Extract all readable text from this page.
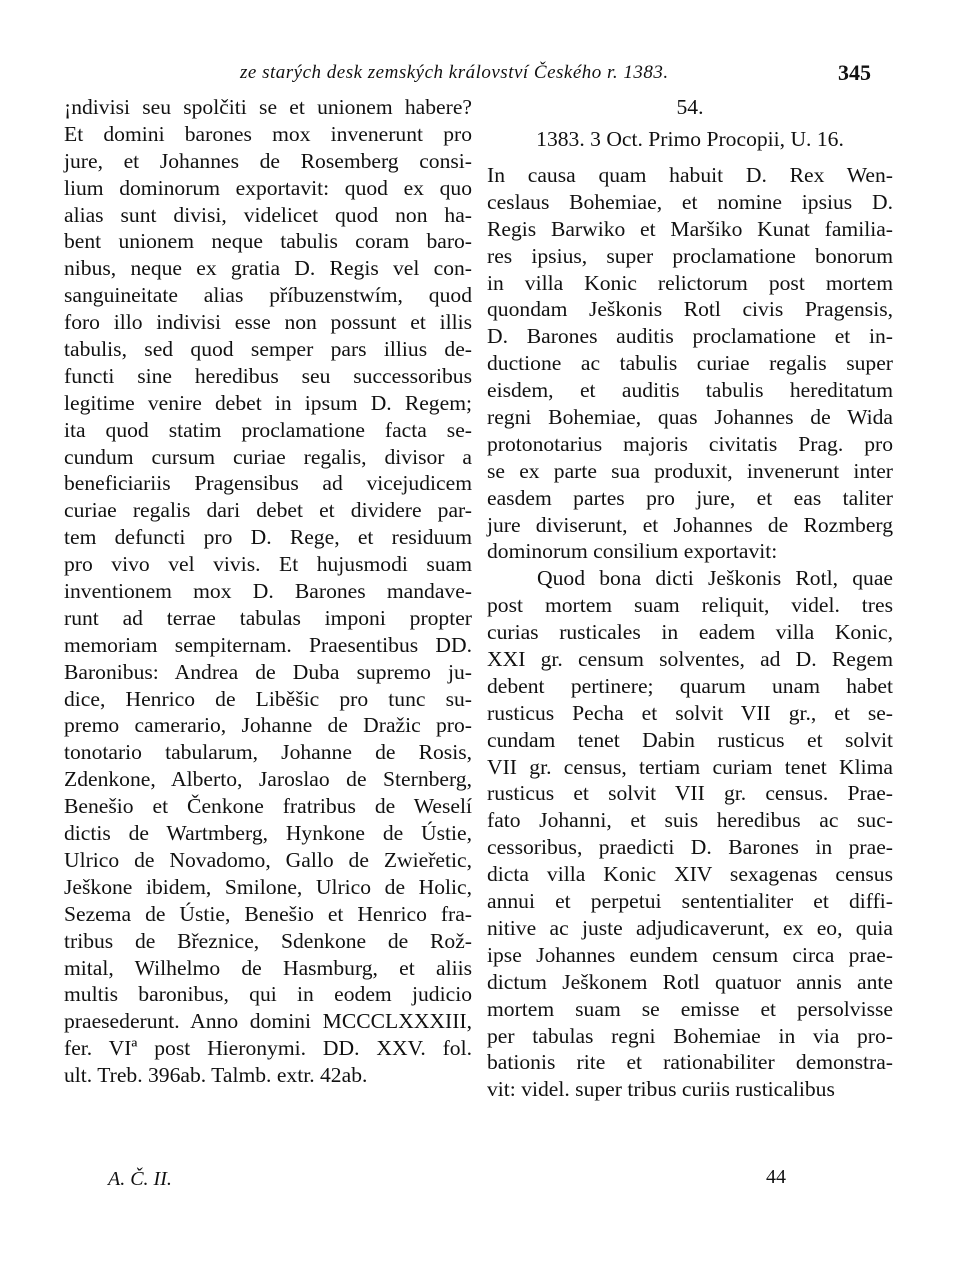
ze starých desk zemských království Českého r. 1383.	345
¡ndivisi seu spolčiti se et unionem habere?
Et domini barones mox invenerunt pro
jure, et Johannes de Rosemberg consi-
lium dominorum exportavit: quod ex quo
alias sunt divisi, videlicet quod non ha-
bent unionem neque tabulis coram baro-
nibus, neque ex gratia D. Regis vel con-
sanguineitate alias příbuzenstwím, quod
foro illo indivisi esse non possunt et illis
tabulis, sed quod semper pars illius de-
functi sine heredibus seu successoribus
legitime venire debet in ipsum D. Regem;
ita quod statim proclamatione facta se-
cundum cursum curiae regalis, divisor a
beneficiariis Pragensibus ad vicejudicem
curiae regalis dari debet et dividere par-
tem defuncti pro D. Rege, et residuum
pro vivo vel vivis. Et hujusmodi suam
inventionem mox D. Barones mandave-
runt ad terrae tabulas imponi propter
memoriam sempiternam. Praesentibus DD.
Baronibus: Andrea de Duba supremo ju-
dice, Henrico de Liběšic pro tunc su-
premo camerario, Johanne de Dražic pro-
tonotario tabularum, Johanne de Rosis,
Zdenkone, Alberto, Jaroslao de Sternberg,
Benešio et Čenkone fratribus de Weselí
dictis de Wartmberg, Hynkone de Ústie,
Ulrico de Novadomo, Gallo de Zwieřetic,
Ješkone ibidem, Smilone, Ulrico de Holic,
Sezema de Ústie, Benešio et Henrico fra-
tribus de Březnice, Sdenkone de Rož-
mital, Wilhelmo de Hasmburg, et aliis
multis baronibus, qui in eodem judicio
praesederunt. Anno domini MCCCLXXXIII,
fer. VIª post Hieronymi. DD. XXV. fol.
ult. Treb. 396ab. Talmb. extr. 42ab.
54.
1383. 3 Oct. Primo Procopii, U. 16.
In causa quam habuit D. Rex Wen-
ceslaus Bohemiae, et nomine ipsius D.
Regis Barwiko et Maršiko Kunat familia-
res ipsius, super proclamatione bonorum
in villa Konic relictorum post mortem
quondam Ješkonis Rotl civis Pragensis,
D. Barones auditis proclamatione et in-
ductione ac tabulis curiae regalis super
eisdem, et auditis tabulis hereditatum
regni Bohemiae, quas Johannes de Wida
protonotarius majoris civitatis Prag. pro
se ex parte sua produxit, invenerunt inter
easdem partes pro jure, et eas taliter
jure diviserunt, et Johannes de Rozmberg
dominorum consilium exportavit:
Quod bona dicti Ješkonis Rotl, quae
post mortem suam reliquit, videl. tres
curias rusticales in eadem villa Konic,
XXI gr. censum solventes, ad D. Regem
debent pertinere; quarum unam habet
rusticus Pecha et solvit VII gr., et se-
cundam tenet Dabin rusticus et solvit
VII gr. census, tertiam curiam tenet Klima
rusticus et solvit VII gr. census. Prae-
fato Johanni, et suis heredibus ac suc-
cessoribus, praedicti D. Barones in prae-
dicta villa Konic XIV sexagenas census
annui et perpetui sententialiter et diffi-
nitive ac juste adjudicaverunt, ex eo, quia
ipse Johannes eundem censum circa prae-
dictum Ješkonem Rotl quatuor annis ante
mortem suam se emisse et persolvisse
per tabulas regni Bohemiae in via pro-
bationis rite et rationabiliter demonstra-
vit: videl. super tribus curiis rusticalibus
A. Č. II.	44
